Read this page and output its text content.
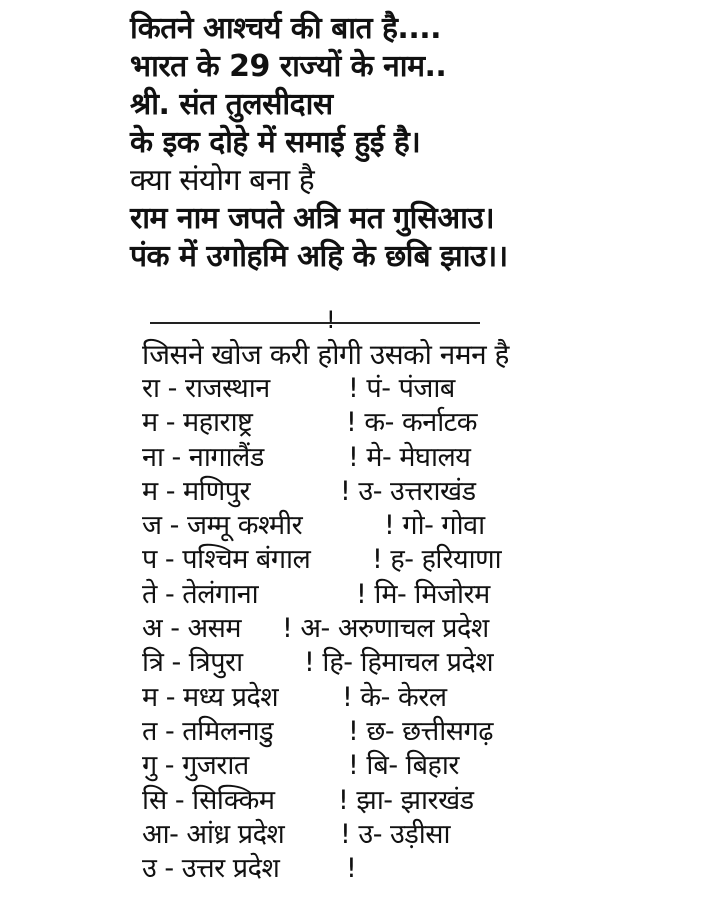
कितने आश्चर्य की बात है....
भारत के 29 राज्यों के नाम..
श्री. संत तुलसीदास
के इक दोहे में समाई हुई है।
क्या संयोग बना है
राम नाम जपते अत्रि मत गुसिआउ।
पंक में उगोहमि अहि के छबि झाउ।।
!
जिसने खोज करी होगी उसको नमन है
रा - राजस्थान	! पं- पंजाब
म - महाराष्ट्र	! क- कर्नाटक
ना - नागालैंड	! मे- मेघालय
म - मणिपुर	! उ- उत्तराखंड
ज - जम्मू कश्मीर	! गो- गोवा
प - पश्चिम बंगाल ! ह- हरियाणा
ते - तेलंगाना	! मि- मिजोरम
अ - असम ! अ- अरुणाचल प्रदेश
त्रि - त्रिपुरा ! हि- हिमाचल प्रदेश
म - मध्य प्रदेश ! के- केरल
त - तमिलनाडु	! छ- छत्तीसगढ़
गु - गुजरात	! बि- बिहार
सि - सिक्किम ! झा- झारखंड
आ- आंध्र प्रदेश ! उ- उड़ीसा
उ - उत्तर प्रदेश !
